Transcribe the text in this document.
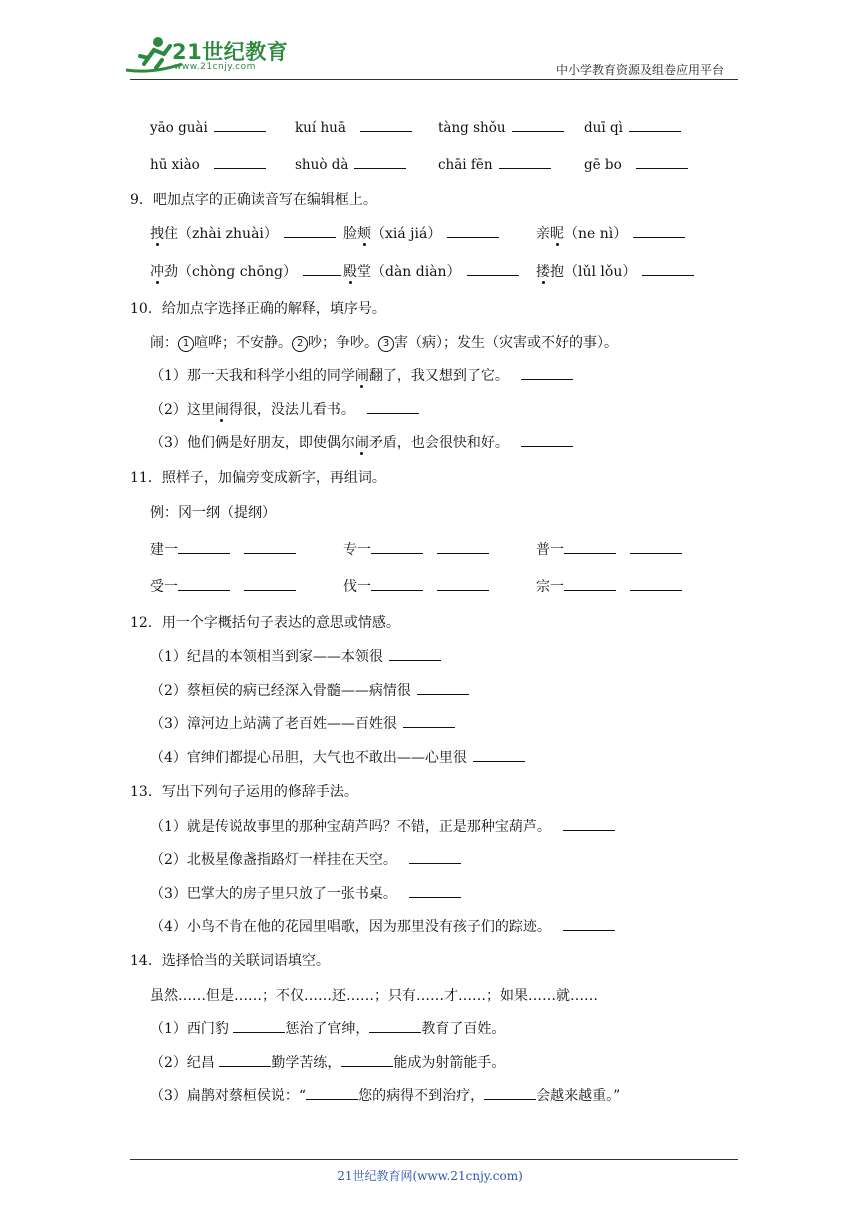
21世纪教育
www.21cnjy.com	中小学教育资源及组卷应用平台
yāo guài	kuí huā	tàng shǒu	duī qì
hū xiào	shuò dà	chāi fēn	gē bo
9．吧加点字的正确读音写在编辑框上。
拽住（zhài zhuài）	脸颊（xiá jiá）	亲昵（ne nì）
冲劲（chònɡ chōnɡ）	殿堂（dàn diàn）	搂抱（lǔl lǒu）
10．给加点字选择正确的解释，填序号。
闹： 1 喧哗；不安静。 2 吵；争吵。 3 害（病）；发生（灾害或不好的事）。
（1）那一天我和科学小组的同学闹翻了，我又想到了它。
（2）这里闹得很，没法儿看书。
（3）他们俩是好朋友，即使偶尔闹矛盾，也会很快和好。
11．照样子，加偏旁变成新字，再组词。
例：冈一纲（提纲）
建一	专一	普一
受一	伐一	宗一
12．用一个字概括句子表达的意思或情感。
（1）纪昌的本领相当到家——本领很
（2）蔡桓侯的病已经深入骨髓——病情很
（3）漳河边上站满了老百姓——百姓很
（4）官绅们都提心吊胆，大气也不敢出——心里很
13．写出下列句子运用的修辞手法。
（1）就是传说故事里的那种宝葫芦吗？不错，正是那种宝葫芦。
（2）北极星像盏指路灯一样挂在天空。
（3）巴掌大的房子里只放了一张书桌。
（4）小鸟不肯在他的花园里唱歌，因为那里没有孩子们的踪迹。
14．选择恰当的关联词语填空。
虽然……但是……；不仅……还……；只有……才……；如果……就……
（1）西门豹	惩治了官绅，	教育了百姓。
（2）纪昌	勤学苦练，	能成为射箭能手。
（3）扁鹊对蔡桓侯说：“	您的病得不到治疗，	会越来越重。”
21世纪教育网(www.21cnjy.com)
